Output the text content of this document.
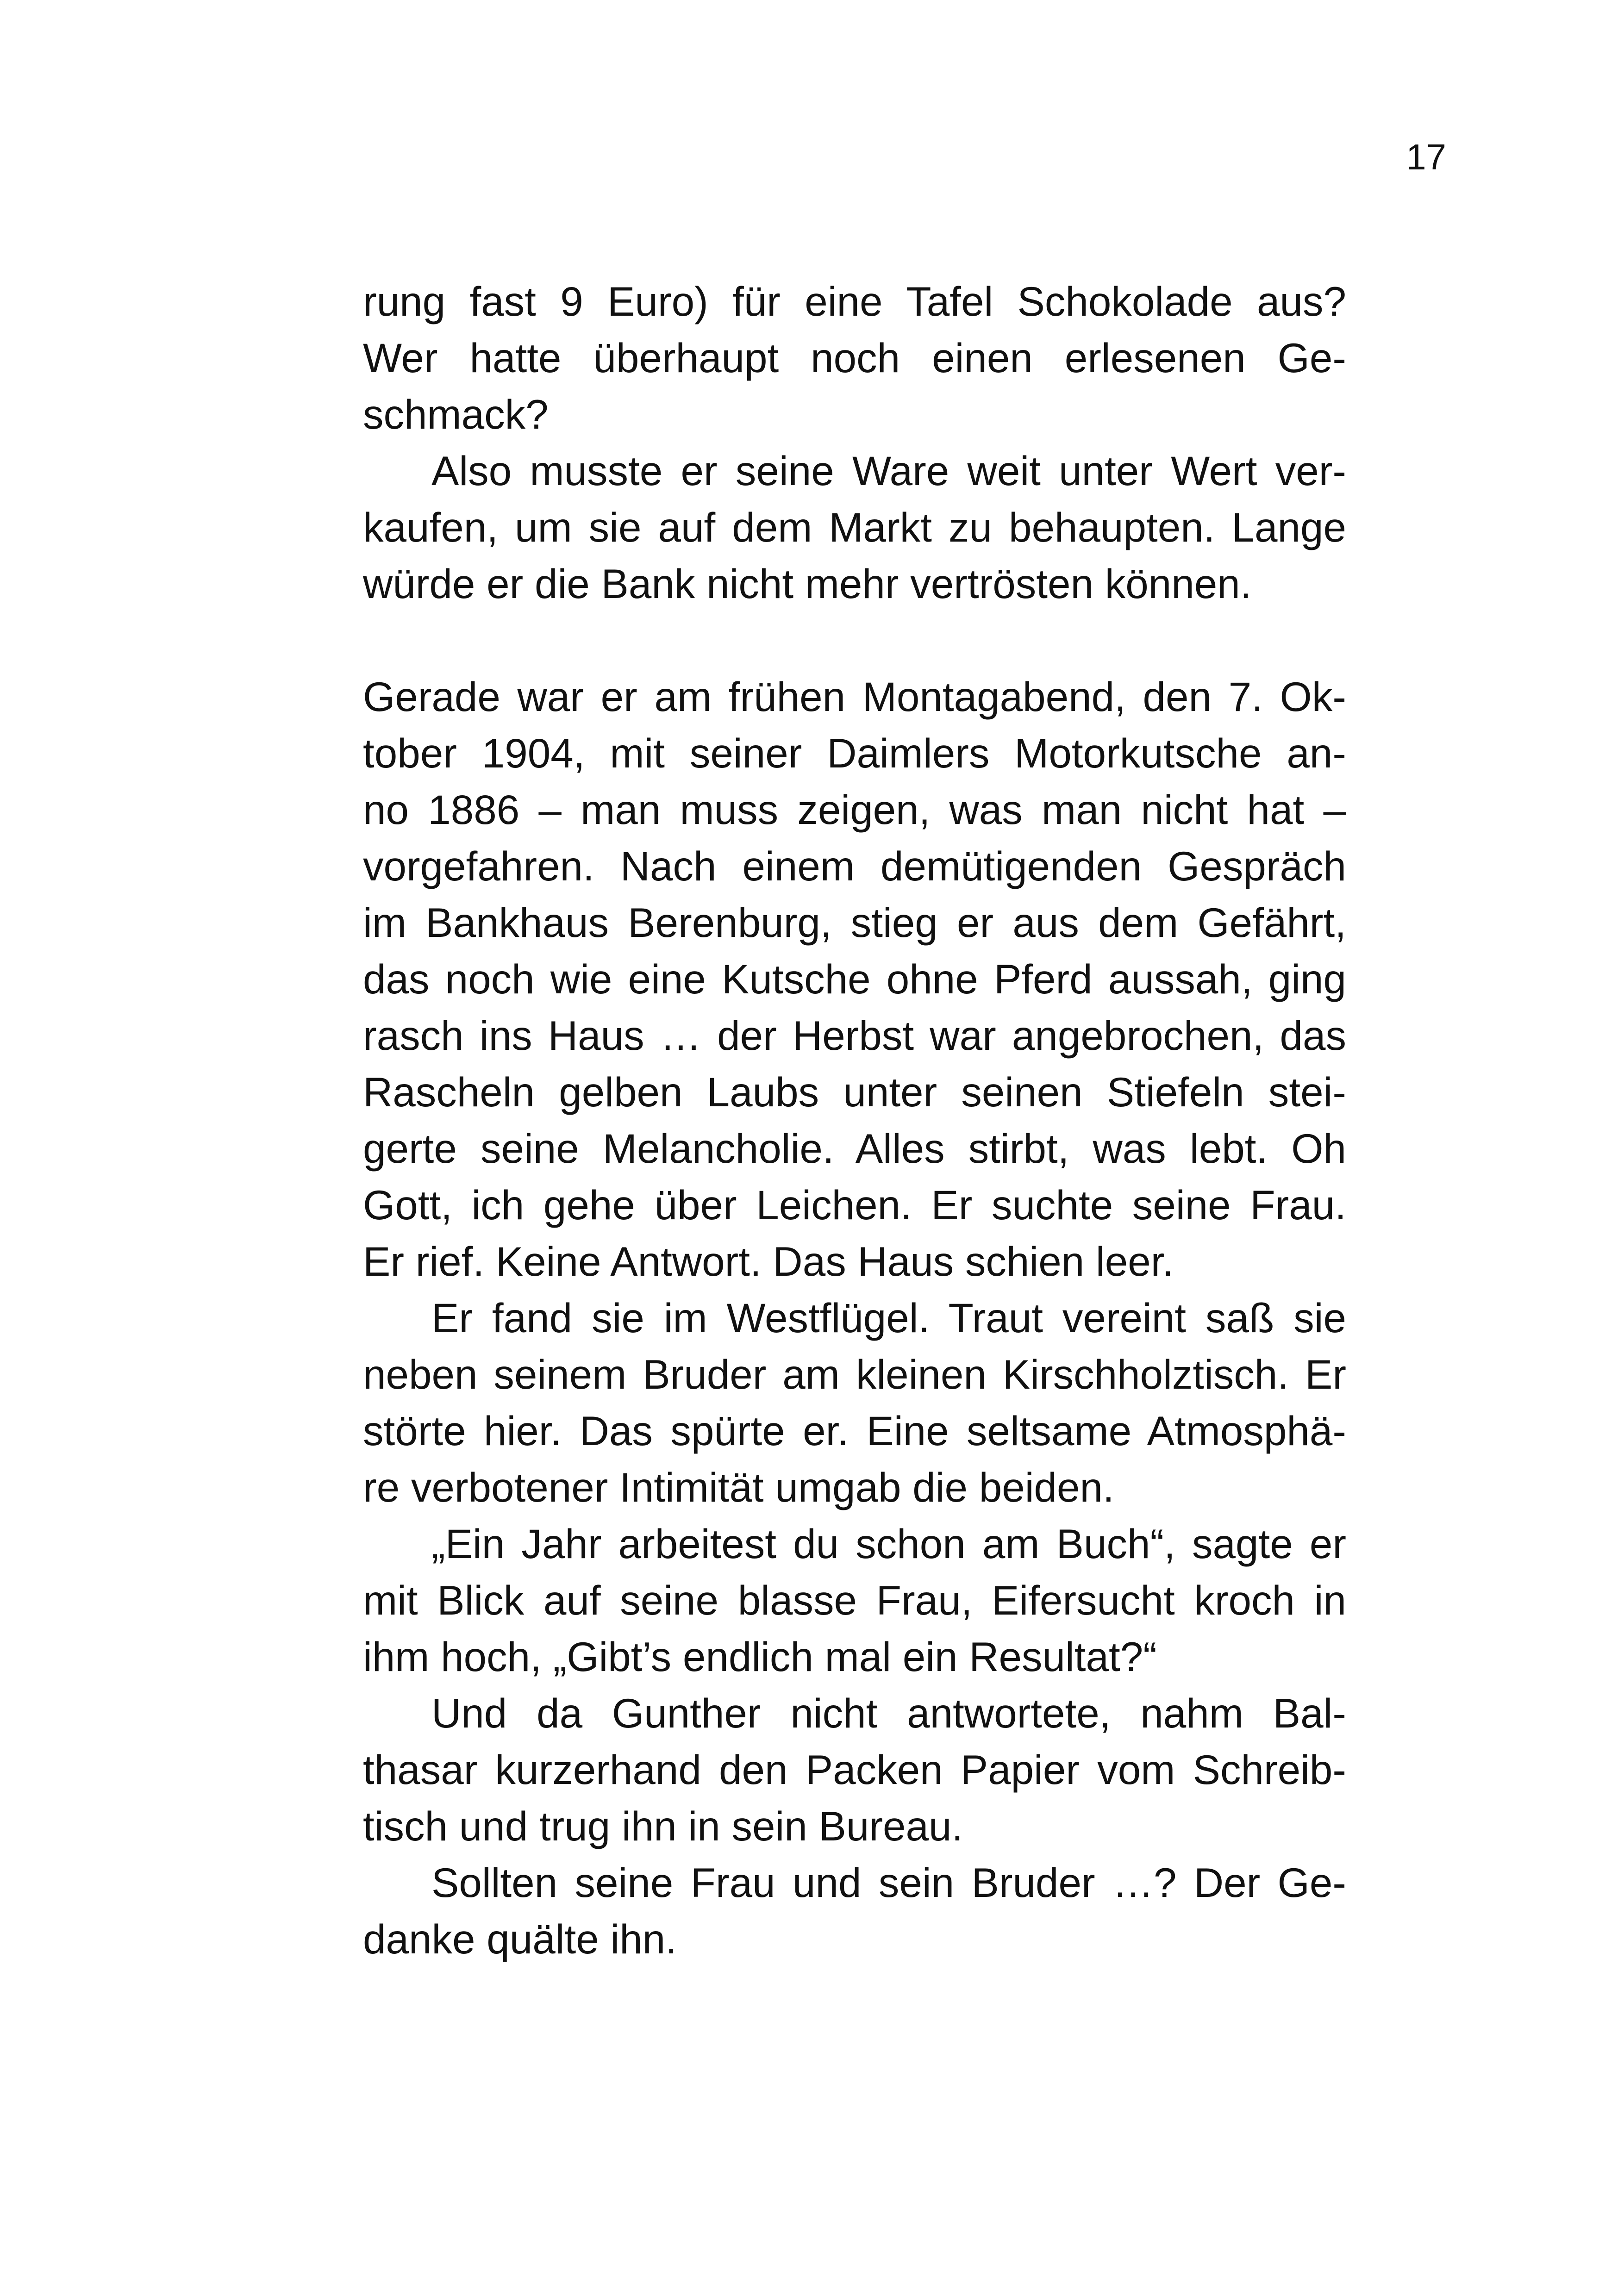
17
rung fast 9 Euro) für eine Tafel Schokolade aus?
Wer hatte überhaupt noch einen erlesenen Ge-
schmack?
Also musste er seine Ware weit unter Wert ver-
kaufen, um sie auf dem Markt zu behaupten. Lange
würde er die Bank nicht mehr vertrösten können.
Gerade war er am frühen Montagabend, den 7. Ok-
tober 1904, mit seiner Daimlers Motorkutsche an-
no 1886 – man muss zeigen, was man nicht hat –
vorgefahren. Nach einem demütigenden Gespräch
im Bankhaus Berenburg, stieg er aus dem Gefährt,
das noch wie eine Kutsche ohne Pferd aussah, ging
rasch ins Haus … der Herbst war angebrochen, das
Rascheln gelben Laubs unter seinen Stiefeln stei-
gerte seine Melancholie. Alles stirbt, was lebt. Oh
Gott, ich gehe über Leichen. Er suchte seine Frau.
Er rief. Keine Antwort. Das Haus schien leer.
Er fand sie im Westflügel. Traut vereint saß sie
neben seinem Bruder am kleinen Kirschholztisch. Er
störte hier. Das spürte er. Eine seltsame Atmosphä-
re verbotener Intimität umgab die beiden.
„Ein Jahr arbeitest du schon am Buch“, sagte er
mit Blick auf seine blasse Frau, Eifersucht kroch in
ihm hoch, „Gibt’s endlich mal ein Resultat?“
Und da Gunther nicht antwortete, nahm Bal-
thasar kurzerhand den Packen Papier vom Schreib-
tisch und trug ihn in sein Bureau.
Sollten seine Frau und sein Bruder …? Der Ge-
danke quälte ihn.
